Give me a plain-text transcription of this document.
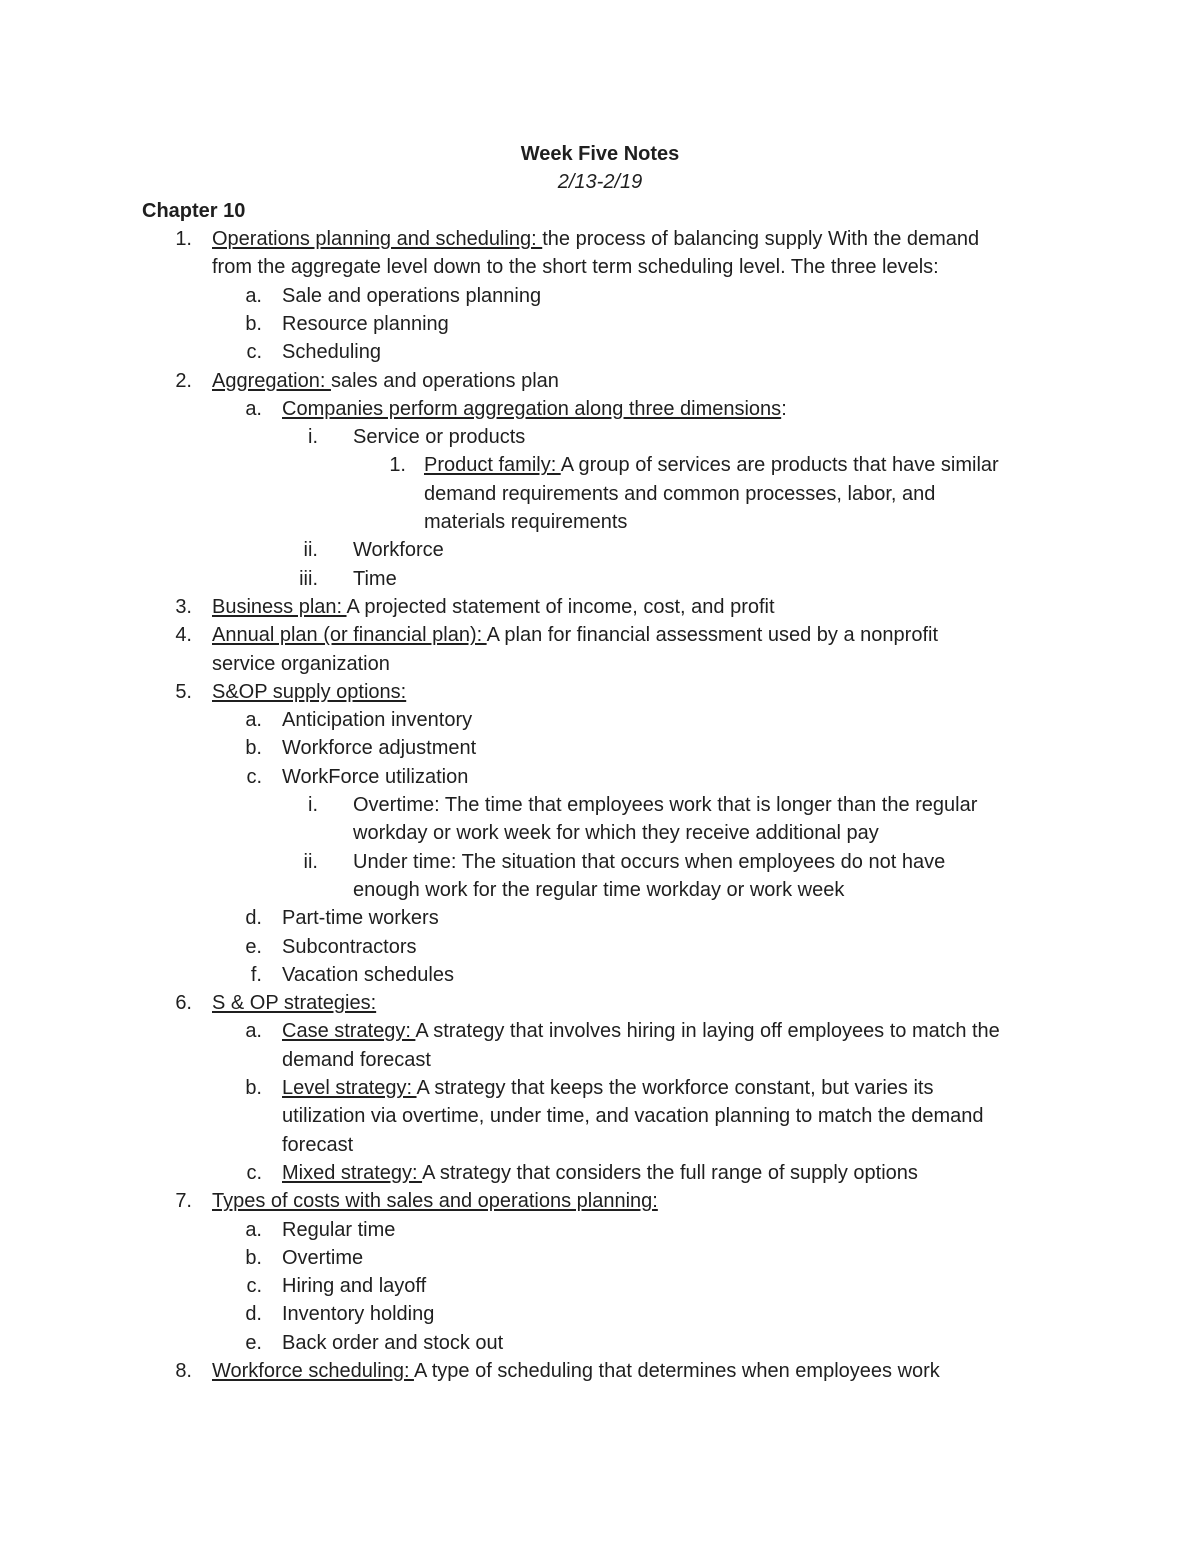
Week Five Notes
2/13-2/19
Chapter 10
1. Operations planning and scheduling: the process of balancing supply With the demand
from the aggregate level down to the short term scheduling level. The three levels:
a. Sale and operations planning
b. Resource planning
c. Scheduling
2. Aggregation: sales and operations plan
a. Companies perform aggregation along three dimensions:
i. Service or products
1. Product family: A group of services are products that have similar
demand requirements and common processes, labor, and
materials requirements
ii. Workforce
iii. Time
3. Business plan: A projected statement of income, cost, and profit
4. Annual plan (or financial plan): A plan for financial assessment used by a nonprofit
service organization
5. S&OP supply options:
a. Anticipation inventory
b. Workforce adjustment
c. WorkForce utilization
i. Overtime: The time that employees work that is longer than the regular
workday or work week for which they receive additional pay
ii. Under time: The situation that occurs when employees do not have
enough work for the regular time workday or work week
d. Part-time workers
e. Subcontractors
f. Vacation schedules
6. S & OP strategies:
a. Case strategy: A strategy that involves hiring in laying off employees to match the
demand forecast
b. Level strategy: A strategy that keeps the workforce constant, but varies its
utilization via overtime, under time, and vacation planning to match the demand
forecast
c. Mixed strategy: A strategy that considers the full range of supply options
7. Types of costs with sales and operations planning:
a. Regular time
b. Overtime
c. Hiring and layoff
d. Inventory holding
e. Back order and stock out
8. Workforce scheduling: A type of scheduling that determines when employees work
